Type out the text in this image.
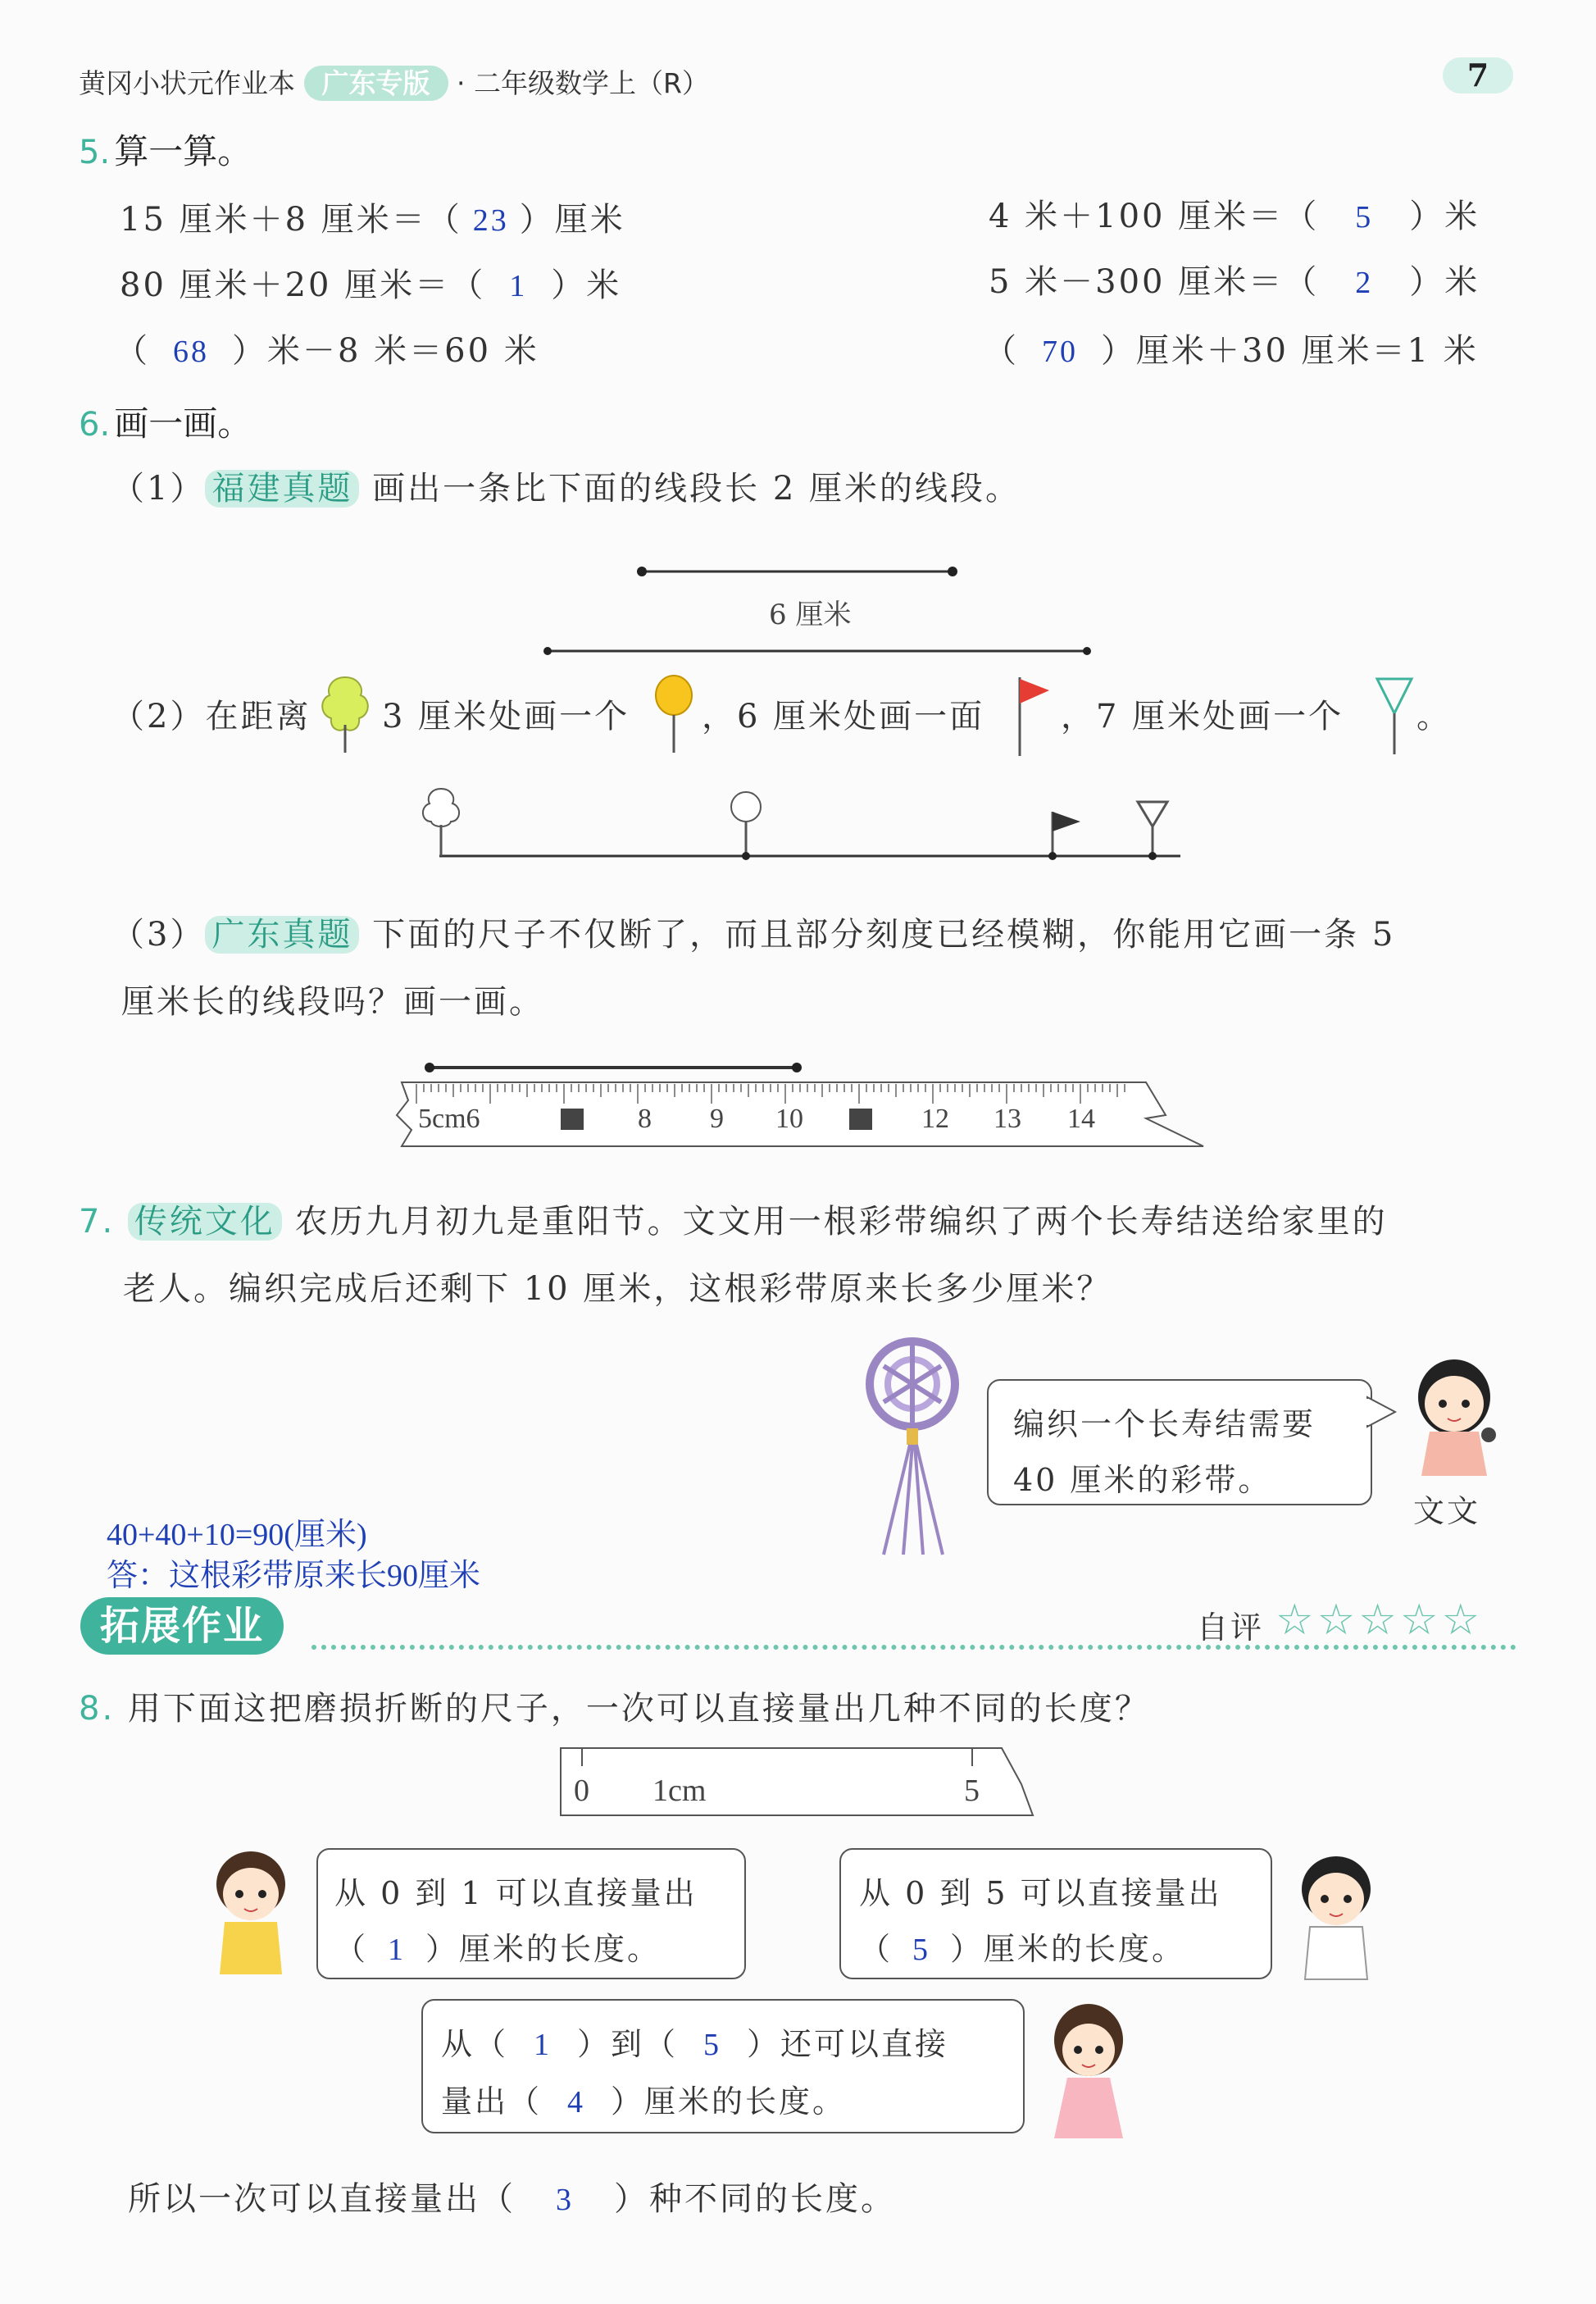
黄冈小状元作业本 广东专版 · 二年级数学上（R）	7
5. 算一算。
15 厘米＋8 厘米＝（ 23 ）厘米	4 米＋100 厘米＝（ 5 ）米
80 厘米＋20 厘米＝（ 1 ）米	5 米－300 厘米＝（ 2 ）米
（ 68 ）米－8 米＝60 米	（ 70 ）厘米＋30 厘米＝1 米
6. 画一画。
（1） 福建真题 画出一条比下面的线段长 2 厘米的线段。
6 厘米
（2）在距离 3 厘米处画一个 ，6 厘米处画一面 ，7 厘米处画一个 。
（3） 广东真题 下面的尺子不仅断了，而且部分刻度已经模糊，你能用它画一条 5
厘米长的线段吗？画一画。
5cm6	8 9 10	12 13 14
7. 传统文化 农历九月初九是重阳节。文文用一根彩带编织了两个长寿结送给家里的
老人。编织完成后还剩下 10 厘米，这根彩带原来长多少厘米？
编织一个长寿结需要
40 厘米的彩带。
文文
40+40+10=90(厘米)
答：这根彩带原来长90厘米
拓展作业	自评 ☆☆☆☆☆
8. 用下面这把磨损折断的尺子，一次可以直接量出几种不同的长度？
0 1cm	5
从 0 到 1 可以直接量出
（ 1 ）厘米的长度。
从 0 到 5 可以直接量出
（ 5 ）厘米的长度。
从（ 1 ）到（ 5 ）还可以直接
量出（ 4 ）厘米的长度。
所以一次可以直接量出（ 3 ）种不同的长度。
